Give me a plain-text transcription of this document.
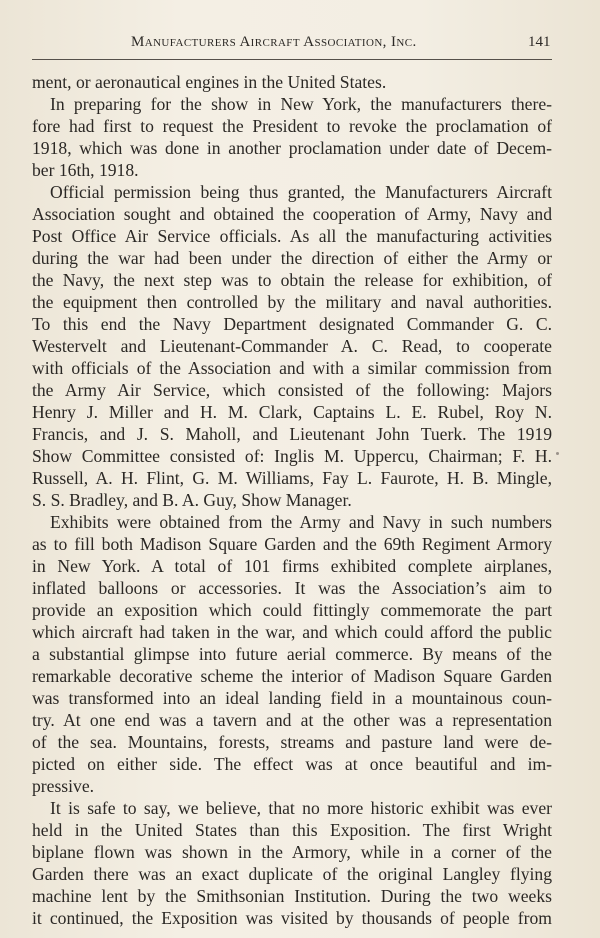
Manufacturers Aircraft Association, Inc.	141
ment, or aeronautical engines in the United States.
In preparing for the show in New York, the manufacturers there-
fore had first to request the President to revoke the proclamation of
1918, which was done in another proclamation under date of Decem-
ber 16th, 1918.
Official permission being thus granted, the Manufacturers Aircraft
Association sought and obtained the cooperation of Army, Navy and
Post Office Air Service officials. As all the manufacturing activities
during the war had been under the direction of either the Army or
the Navy, the next step was to obtain the release for exhibition, of
the equipment then controlled by the military and naval authorities.
To this end the Navy Department designated Commander G. C.
Westervelt and Lieutenant-Commander A. C. Read, to cooperate
with officials of the Association and with a similar commission from
the Army Air Service, which consisted of the following: Majors
Henry J. Miller and H. M. Clark, Captains L. E. Rubel, Roy N.
Francis, and J. S. Maholl, and Lieutenant John Tuerk. The 1919
Show Committee consisted of: Inglis M. Uppercu, Chairman; F. H.
Russell, A. H. Flint, G. M. Williams, Fay L. Faurote, H. B. Mingle,
S. S. Bradley, and B. A. Guy, Show Manager.
Exhibits were obtained from the Army and Navy in such numbers
as to fill both Madison Square Garden and the 69th Regiment Armory
in New York. A total of 101 firms exhibited complete airplanes,
inflated balloons or accessories. It was the Association’s aim to
provide an exposition which could fittingly commemorate the part
which aircraft had taken in the war, and which could afford the public
a substantial glimpse into future aerial commerce. By means of the
remarkable decorative scheme the interior of Madison Square Garden
was transformed into an ideal landing field in a mountainous coun-
try. At one end was a tavern and at the other was a representation
of the sea. Mountains, forests, streams and pasture land were de-
picted on either side. The effect was at once beautiful and im-
pressive.
It is safe to say, we believe, that no more historic exhibit was ever
held in the United States than this Exposition. The first Wright
biplane flown was shown in the Armory, while in a corner of the
Garden there was an exact duplicate of the original Langley flying
machine lent by the Smithsonian Institution. During the two weeks
it continued, the Exposition was visited by thousands of people from
